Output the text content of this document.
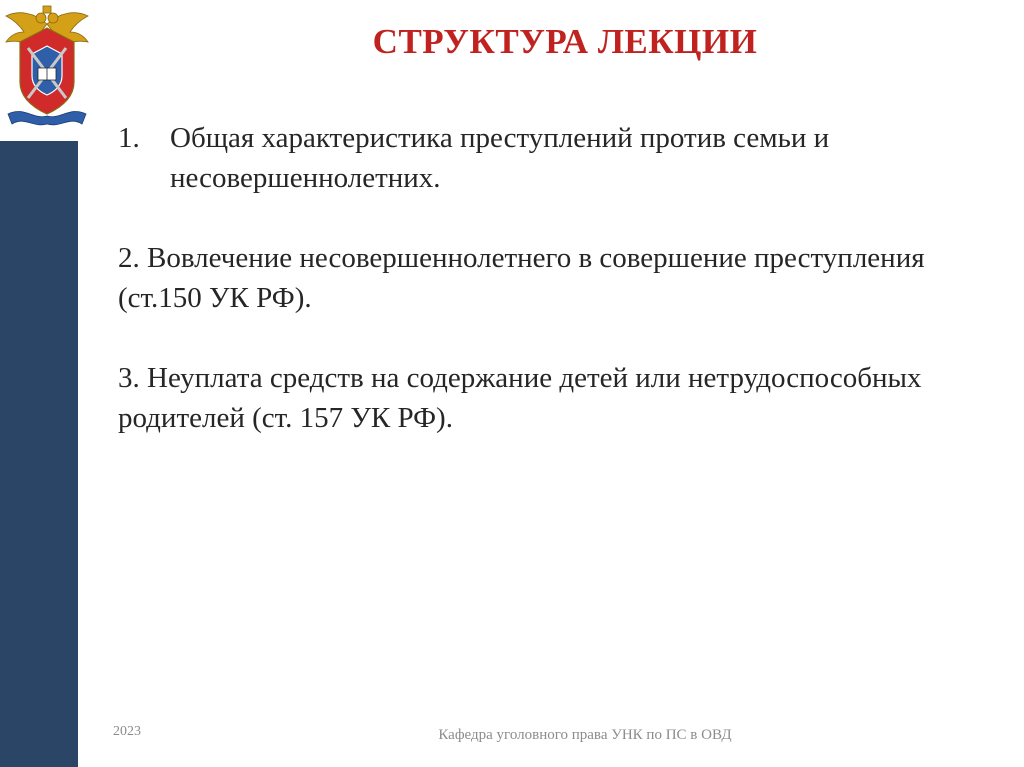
СТРУКТУРА ЛЕКЦИИ
1.	Общая характеристика преступлений против семьи и несовершеннолетних.
2. Вовлечение несовершеннолетнего в совершение преступления (ст.150 УК РФ).
3. Неуплата средств на содержание детей или нетрудоспособных родителей (ст. 157 УК РФ).
2023	Кафедра уголовного права УНК по ПС в ОВД
